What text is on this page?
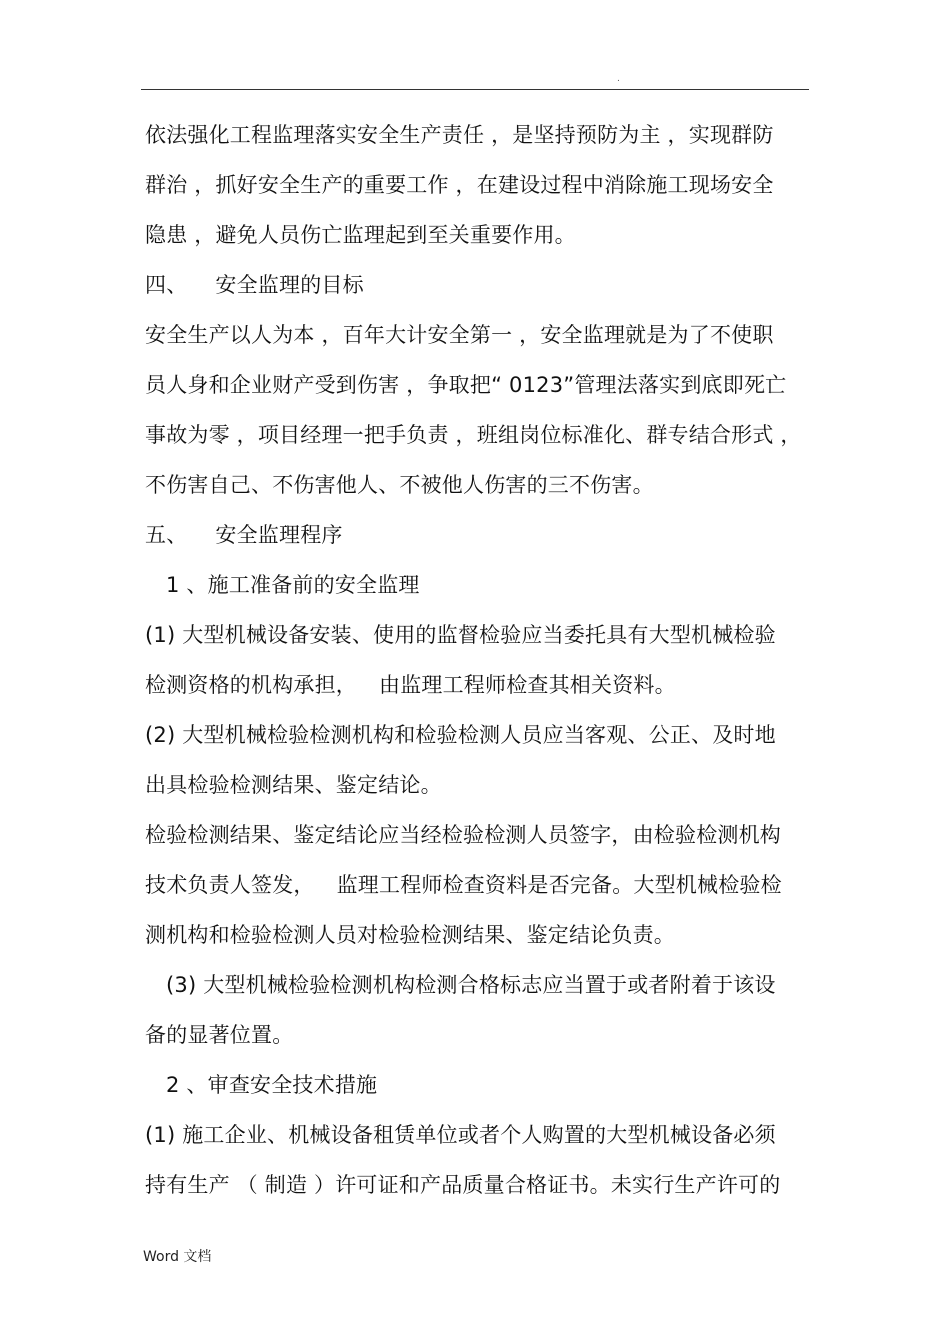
.
依法强化工程监理落实安全生产责任 ，是坚持预防为主 ，实现群防
群治 ，抓好安全生产的重要工作 ，在建设过程中消除施工现场安全
隐患 ，避免人员伤亡监理起到至关重要作用。
四、 安全监理的目标
安全生产以人为本 ，百年大计安全第一 ，安全监理就是为了不使职
员人身和企业财产受到伤害 ，争取把“ 0123”管理法落实到底即死亡
事故为零 ，项目经理一把手负责 ，班组岗位标准化、群专结合形式 ，
不伤害自己、不伤害他人、不被他人伤害的三不伤害。
五、 安全监理程序
1 、施工准备前的安全监理
(1) 大型机械设备安装、使用的监督检验应当委托具有大型机械检验
检测资格的机构承担， 由监理工程师检查其相关资料。
(2) 大型机械检验检测机构和检验检测人员应当客观、公正、及时地
出具检验检测结果、鉴定结论。
检验检测结果、鉴定结论应当经检验检测人员签字，由检验检测机构
技术负责人签发， 监理工程师检查资料是否完备。大型机械检验检
测机构和检验检测人员对检验检测结果、鉴定结论负责。
(3) 大型机械检验检测机构检测合格标志应当置于或者附着于该设
备的显著位置。
2 、审查安全技术措施
(1) 施工企业、机械设备租赁单位或者个人购置的大型机械设备必须
持有生产 （ 制造 ）许可证和产品质量合格证书。未实行生产许可的
Word 文档
